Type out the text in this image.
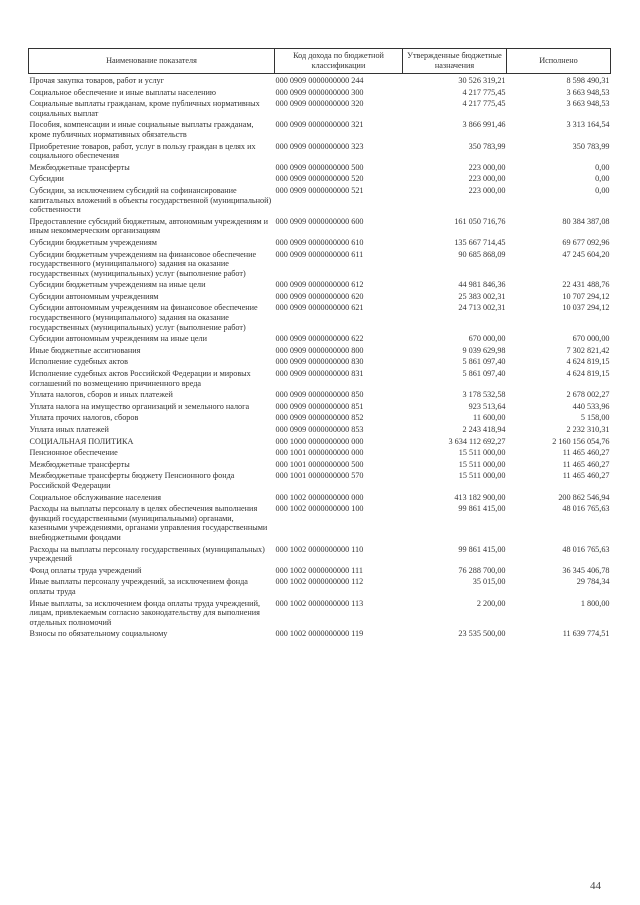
Наименование показателя	Код дохода по бюджетной классификации	Утвержденные бюджетные назначения	Исполнено
Прочая закупка товаров, работ и услуг	000 0909 0000000000 244	30 526 319,21	8 598 490,31
Социальное обеспечение и иные выплаты населению	000 0909 0000000000 300	4 217 775,45	3 663 948,53
Социальные выплаты гражданам, кроме публичных нормативных социальных выплат	000 0909 0000000000 320	4 217 775,45	3 663 948,53
Пособия, компенсации и иные социальные выплаты гражданам, кроме публичных нормативных обязательств	000 0909 0000000000 321	3 866 991,46	3 313 164,54
Приобретение товаров, работ, услуг в пользу граждан в целях их социального обеспечения	000 0909 0000000000 323	350 783,99	350 783,99
Межбюджетные трансферты	000 0909 0000000000 500	223 000,00	0,00
Субсидии	000 0909 0000000000 520	223 000,00	0,00
Субсидии, за исключением субсидий на софинансирование капитальных вложений в объекты государственной (муниципальной) собственности	000 0909 0000000000 521	223 000,00	0,00
Предоставление субсидий бюджетным, автономным учреждениям и иным некоммерческим организациям	000 0909 0000000000 600	161 050 716,76	80 384 387,08
Субсидии бюджетным учреждениям	000 0909 0000000000 610	135 667 714,45	69 677 092,96
Субсидии бюджетным учреждениям на финансовое обеспечение государственного (муниципального) задания на оказание государственных (муниципальных) услуг (выполнение работ)	000 0909 0000000000 611	90 685 868,09	47 245 604,20
Субсидии бюджетным учреждениям на иные цели	000 0909 0000000000 612	44 981 846,36	22 431 488,76
Субсидии автономным учреждениям	000 0909 0000000000 620	25 383 002,31	10 707 294,12
Субсидии автономным учреждениям на финансовое обеспечение государственного (муниципального) задания на оказание государственных (муниципальных) услуг (выполнение работ)	000 0909 0000000000 621	24 713 002,31	10 037 294,12
Субсидии автономным учреждениям на иные цели	000 0909 0000000000 622	670 000,00	670 000,00
Иные бюджетные ассигнования	000 0909 0000000000 800	9 039 629,98	7 302 821,42
Исполнение судебных актов	000 0909 0000000000 830	5 861 097,40	4 624 819,15
Исполнение судебных актов Российской Федерации и мировых соглашений по возмещению причиненного вреда	000 0909 0000000000 831	5 861 097,40	4 624 819,15
Уплата налогов, сборов и иных платежей	000 0909 0000000000 850	3 178 532,58	2 678 002,27
Уплата налога на имущество организаций и земельного налога	000 0909 0000000000 851	923 513,64	440 533,96
Уплата прочих налогов, сборов	000 0909 0000000000 852	11 600,00	5 158,00
Уплата иных платежей	000 0909 0000000000 853	2 243 418,94	2 232 310,31
СОЦИАЛЬНАЯ ПОЛИТИКА	000 1000 0000000000 000	3 634 112 692,27	2 160 156 054,76
Пенсионное обеспечение	000 1001 0000000000 000	15 511 000,00	11 465 460,27
Межбюджетные трансферты	000 1001 0000000000 500	15 511 000,00	11 465 460,27
Межбюджетные трансферты бюджету Пенсионного фонда Российской Федерации	000 1001 0000000000 570	15 511 000,00	11 465 460,27
Социальное обслуживание населения	000 1002 0000000000 000	413 182 900,00	200 862 546,94
Расходы на выплаты персоналу в целях обеспечения выполнения функций государственными (муниципальными) органами, казенными учреждениями, органами управления государственными внебюджетными фондами	000 1002 0000000000 100	99 861 415,00	48 016 765,63
Расходы на выплаты персоналу государственных (муниципальных) учреждений	000 1002 0000000000 110	99 861 415,00	48 016 765,63
Фонд оплаты труда учреждений	000 1002 0000000000 111	76 288 700,00	36 345 406,78
Иные выплаты персоналу учреждений, за исключением фонда оплаты труда	000 1002 0000000000 112	35 015,00	29 784,34
Иные выплаты, за исключением фонда оплаты труда учреждений, лицам, привлекаемым согласно законодательству для выполнения отдельных полномочий	000 1002 0000000000 113	2 200,00	1 800,00
Взносы по обязательному социальному	000 1002 0000000000 119	23 535 500,00	11 639 774,51
44
